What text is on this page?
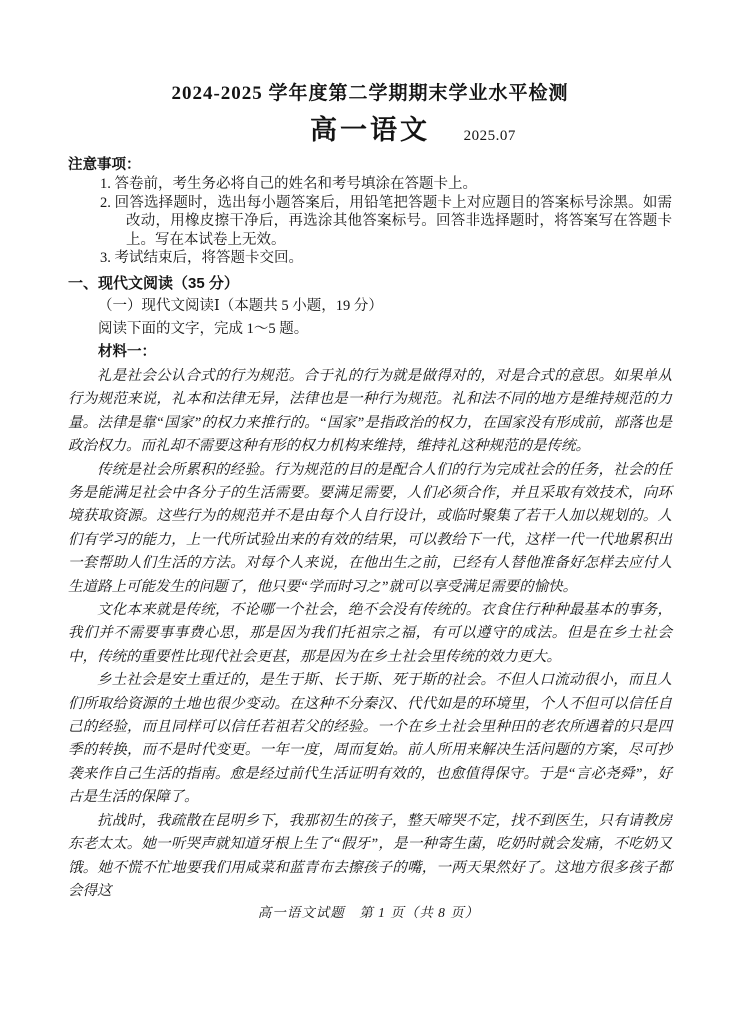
2024-2025 学年度第二学期期末学业水平检测
高一语文	2025.07
注意事项：
1. 答卷前，考生务必将自己的姓名和考号填涂在答题卡上。
2. 回答选择题时，选出每小题答案后，用铅笔把答题卡上对应题目的答案标号涂黑。如需改动，用橡皮擦干净后，再选涂其他答案标号。回答非选择题时，将答案写在答题卡上。写在本试卷上无效。
3. 考试结束后，将答题卡交回。
一、现代文阅读（35 分）
（一）现代文阅读Ⅰ（本题共 5 小题，19 分）
阅读下面的文字，完成 1～5 题。
材料一：
礼是社会公认合式的行为规范。合于礼的行为就是做得对的，对是合式的意思。如果单从行为规范来说，礼本和法律无异，法律也是一种行为规范。礼和法不同的地方是维持规范的力量。法律是靠“国家”的权力来推行的。“国家”是指政治的权力，在国家没有形成前，部落也是政治权力。而礼却不需要这种有形的权力机构来维持，维持礼这种规范的是传统。
传统是社会所累积的经验。行为规范的目的是配合人们的行为完成社会的任务，社会的任务是能满足社会中各分子的生活需要。要满足需要，人们必须合作，并且采取有效技术，向环境获取资源。这些行为的规范并不是由每个人自行设计，或临时聚集了若干人加以规划的。人们有学习的能力，上一代所试验出来的有效的结果，可以教给下一代，这样一代一代地累积出一套帮助人们生活的方法。对每个人来说，在他出生之前，已经有人替他准备好怎样去应付人生道路上可能发生的问题了，他只要“学而时习之”就可以享受满足需要的愉快。
文化本来就是传统，不论哪一个社会，绝不会没有传统的。衣食住行种种最基本的事务，我们并不需要事事费心思，那是因为我们托祖宗之福，有可以遵守的成法。但是在乡土社会中，传统的重要性比现代社会更甚，那是因为在乡土社会里传统的效力更大。
乡土社会是安土重迁的，是生于斯、长于斯、死于斯的社会。不但人口流动很小，而且人们所取给资源的土地也很少变动。在这种不分秦汉、代代如是的环境里，个人不但可以信任自己的经验，而且同样可以信任若祖若父的经验。一个在乡土社会里种田的老农所遇着的只是四季的转换，而不是时代变更。一年一度，周而复始。前人所用来解决生活问题的方案，尽可抄袭来作自己生活的指南。愈是经过前代生活证明有效的，也愈值得保守。于是“言必尧舜”，好古是生活的保障了。
抗战时，我疏散在昆明乡下，我那初生的孩子，整天啼哭不定，找不到医生，只有请教房东老太太。她一听哭声就知道牙根上生了“假牙”，是一种寄生菌，吃奶时就会发痛，不吃奶又饿。她不慌不忙地要我们用咸菜和蓝青布去擦孩子的嘴，一两天果然好了。这地方很多孩子都会得这
高一语文试题　第 1 页（共 8 页）
